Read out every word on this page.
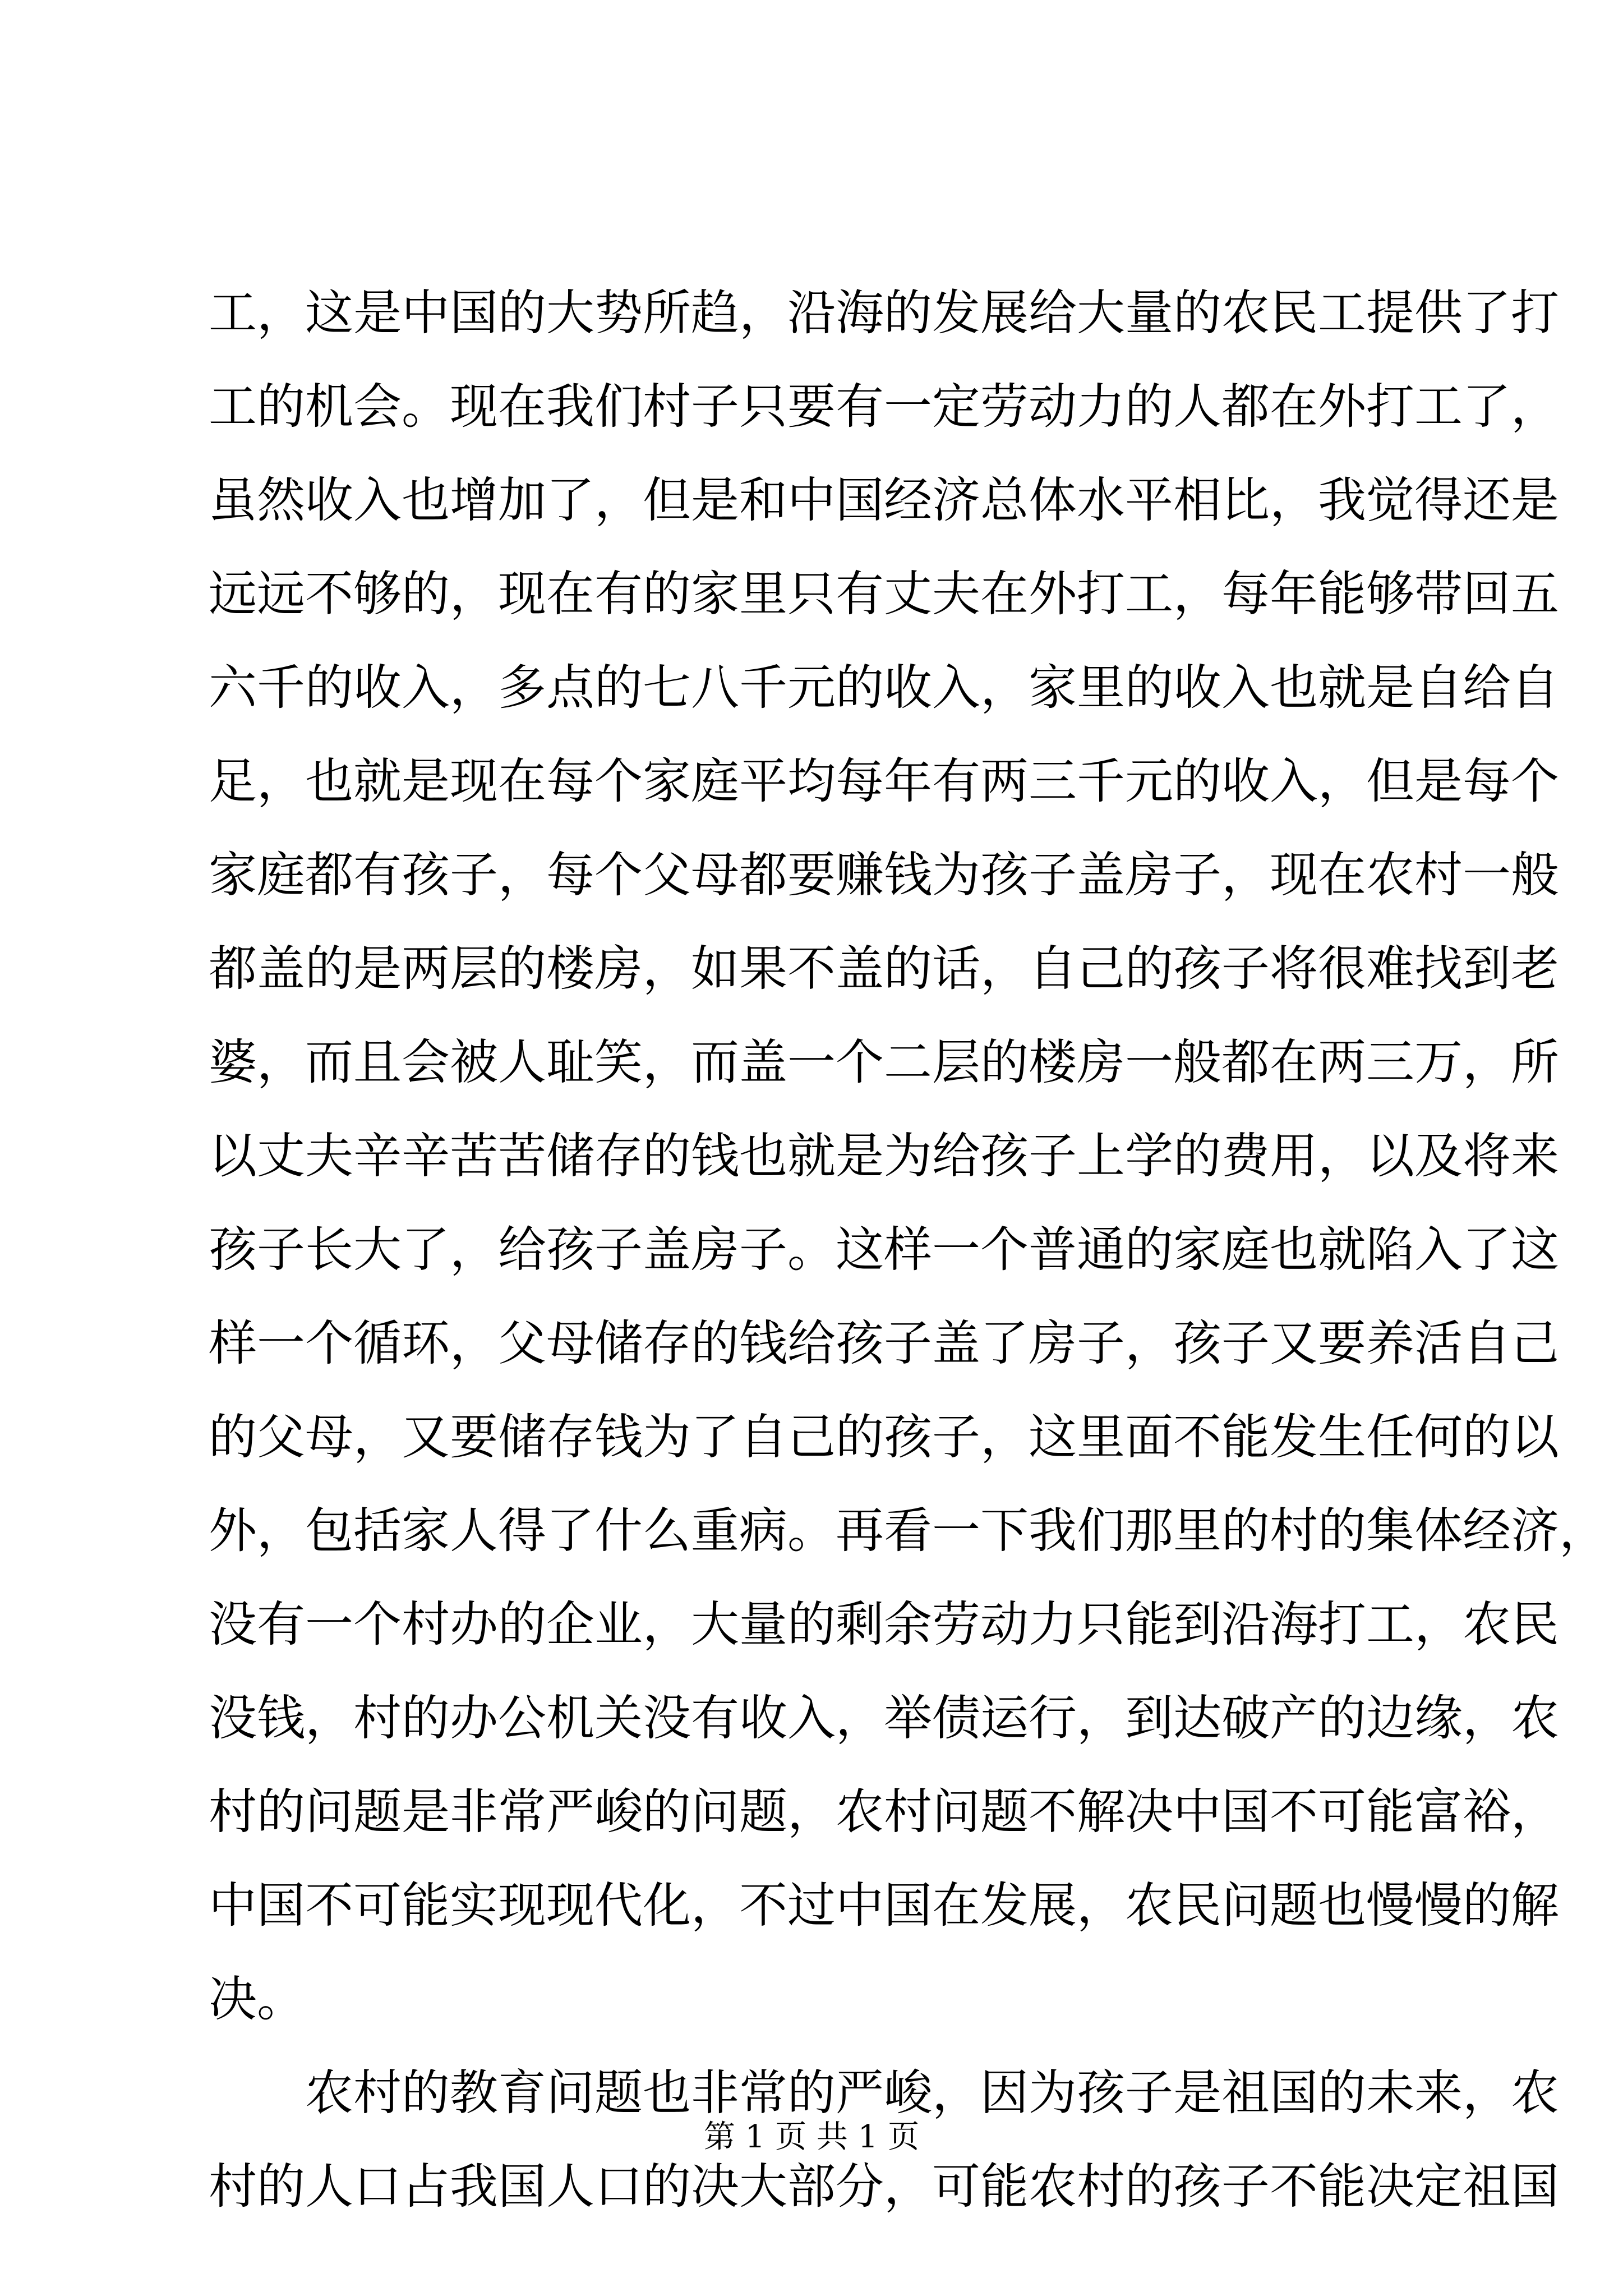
工，这是中国的大势所趋，沿海的发展给大量的农民工提供了打
工的机会。现在我们村子只要有一定劳动力的人都在外打工了，
虽然收入也增加了，但是和中国经济总体水平相比，我觉得还是
远远不够的，现在有的家里只有丈夫在外打工，每年能够带回五
六千的收入，多点的七八千元的收入，家里的收入也就是自给自
足，也就是现在每个家庭平均每年有两三千元的收入，但是每个
家庭都有孩子，每个父母都要赚钱为孩子盖房子，现在农村一般
都盖的是两层的楼房，如果不盖的话，自己的孩子将很难找到老
婆，而且会被人耻笑，而盖一个二层的楼房一般都在两三万，所
以丈夫辛辛苦苦储存的钱也就是为给孩子上学的费用，以及将来
孩子长大了，给孩子盖房子。这样一个普通的家庭也就陷入了这
样一个循环，父母储存的钱给孩子盖了房子，孩子又要养活自己
的父母，又要储存钱为了自己的孩子，这里面不能发生任何的以
外，包括家人得了什么重病。再看一下我们那里的村的集体经济，
没有一个村办的企业，大量的剩余劳动力只能到沿海打工，农民
没钱，村的办公机关没有收入，举债运行，到达破产的边缘，农
村的问题是非常严峻的问题，农村问题不解决中国不可能富裕，
中国不可能实现现代化，不过中国在发展，农民问题也慢慢的解
决。
农村的教育问题也非常的严峻，因为孩子是祖国的未来，农
村的人口占我国人口的决大部分，可能农村的孩子不能决定祖国
第 1 页 共 1 页
